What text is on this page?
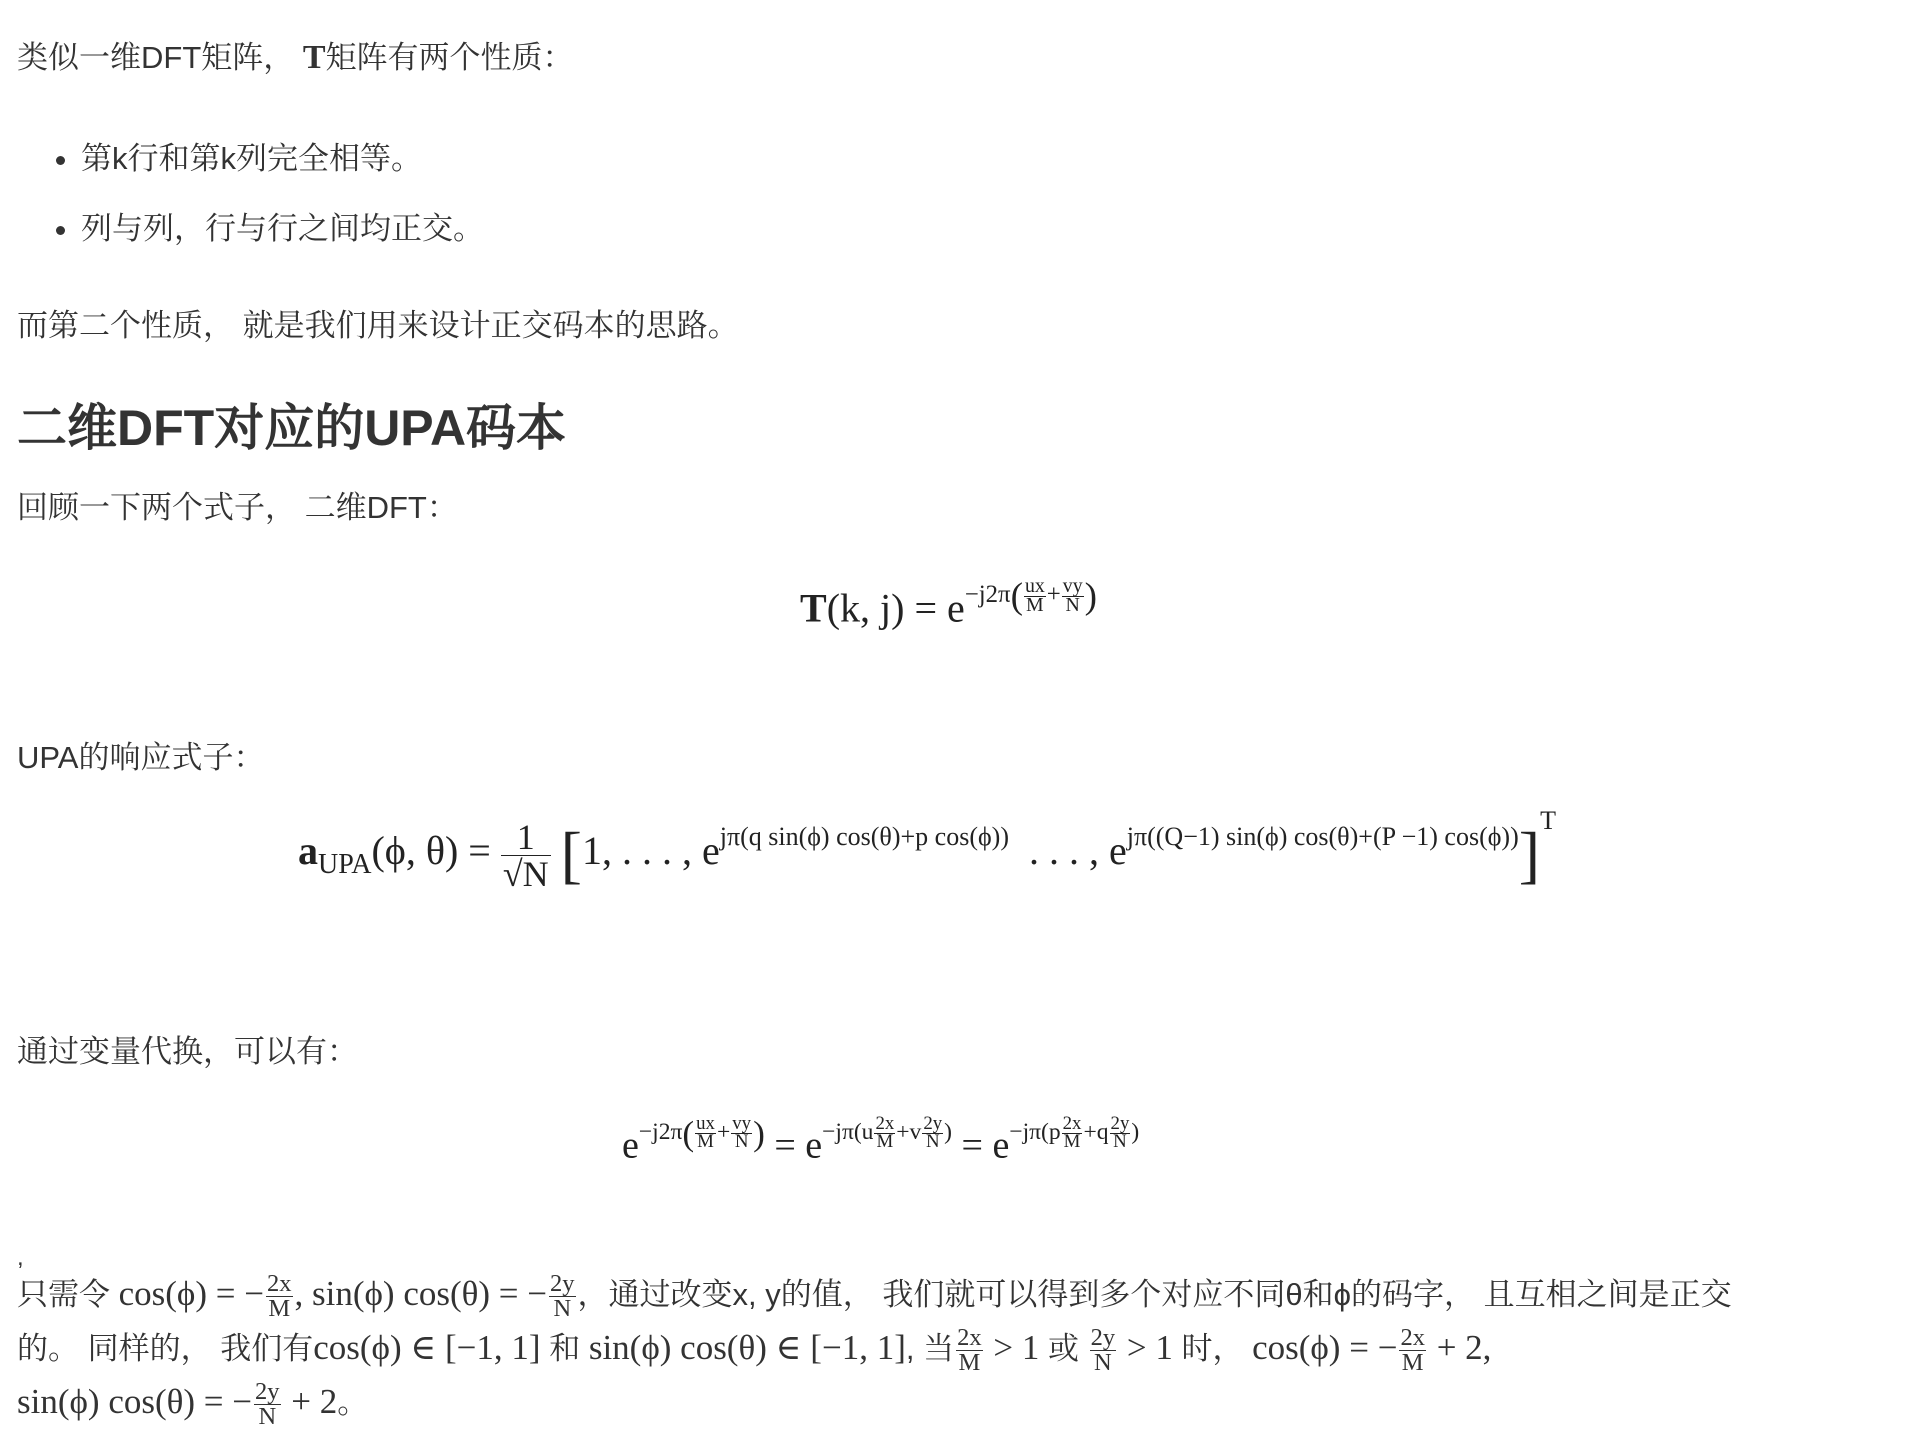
类似一维DFT矩阵， T矩阵有两个性质：
• 第k行和第k列完全相等。
• 列与列，行与行之间均正交。
而第二个性质， 就是我们用来设计正交码本的思路。
二维DFT对应的UPA码本
回顾一下两个式子， 二维DFT：
T(k, $j) = e^{-j2\pi( \frac{ux}{M} + \frac{vy}{N} )}$
UPA的响应式子：
$a_{UPA}(\phi$, $\theta) = \frac{1}{√N} [1$, . . . , $e^{j\pi(q sin(\phi) cos(\theta)+p cos(\phi))}$  . . . , $e^{j\pi((Q-1) sin(\phi) cos(\theta)+(P -1) cos(\phi))}]^T$
通过变量代换，可以有：
$e^{-j2\pi( \frac{ux}{M} + \frac{vy}{N} )} = e^{-j\pi(u \frac{2x}{M} +v \frac{2y}{N} )} = e^{-j\pi(p \frac{2x}{M} +q \frac{2y}{N} )}$
,
只需令 cos(ϕ) = − $\frac{2x}{M}$ , sin(ϕ) cos(θ) = − $\frac{2y}{N}$ ，通过改变x, y的值， 我们就可以得到多个对应不同θ和ϕ的码字， 且互相之间是正交
的。 同样的， 我们有cos(ϕ) ∈ [−1, 1] 和 sin(ϕ) cos(θ) ∈ [−1, 1], 当 $\frac{2x}{M} > 1$ 或 $\frac{2y}{N} > 1$ 时， cos(ϕ) = − $\frac{2x}{M} + 2$,
sin(ϕ) cos(θ) = − $\frac{2y}{N} + 2$。
